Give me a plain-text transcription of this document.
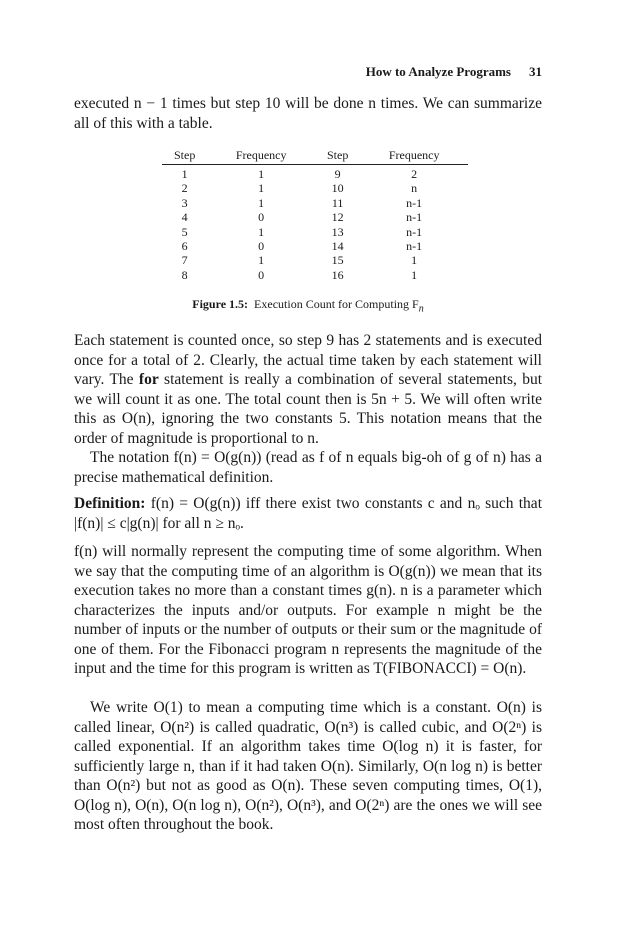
How to Analyze Programs 31

executed n − 1 times but step 10 will be done n times. We can summarize all of this with a table.

Step	Frequency	Step	Frequency
1	1	9	2
2	1	10	n
3	1	11	n-1
4	0	12	n-1
5	1	13	n-1
6	0	14	n-1
7	1	15	1
8	0	16	1
Figure 1.5: Execution Count for Computing $F_n$

Each statement is counted once, so step 9 has 2 statements and is executed once for a total of 2. Clearly, the actual time taken by each statement will vary. The for statement is really a combination of several statements, but we will count it as one. The total count then is 5n + 5. We will often write this as O(n), ignoring the two constants 5. This notation means that the order of magnitude is proportional to n.

The notation f(n) = O(g(n)) (read as f of n equals big-oh of g of n) has a precise mathematical definition.

Definition: f(n) = O(g(n)) iff there exist two constants c and nₒ such that |f(n)| ≤ c|g(n)| for all n ≥ nₒ.

f(n) will normally represent the computing time of some algorithm. When we say that the computing time of an algorithm is O(g(n)) we mean that its execution takes no more than a constant times g(n). n is a parameter which characterizes the inputs and/or outputs. For example n might be the number of inputs or the number of outputs or their sum or the magnitude of one of them. For the Fibonacci program n represents the magnitude of the input and the time for this program is written as T(FIBONACCI) = O(n).

We write O(1) to mean a computing time which is a constant. O(n) is called linear, O(n²) is called quadratic, O(n³) is called cubic, and O(2ⁿ) is called exponential. If an algorithm takes time O(log n) it is faster, for sufficiently large n, than if it had taken O(n). Similarly, O(n log n) is better than O(n²) but not as good as O(n). These seven computing times, O(1), O(log n), O(n), O(n log n), O(n²), O(n³), and O(2ⁿ) are the ones we will see most often throughout the book.
